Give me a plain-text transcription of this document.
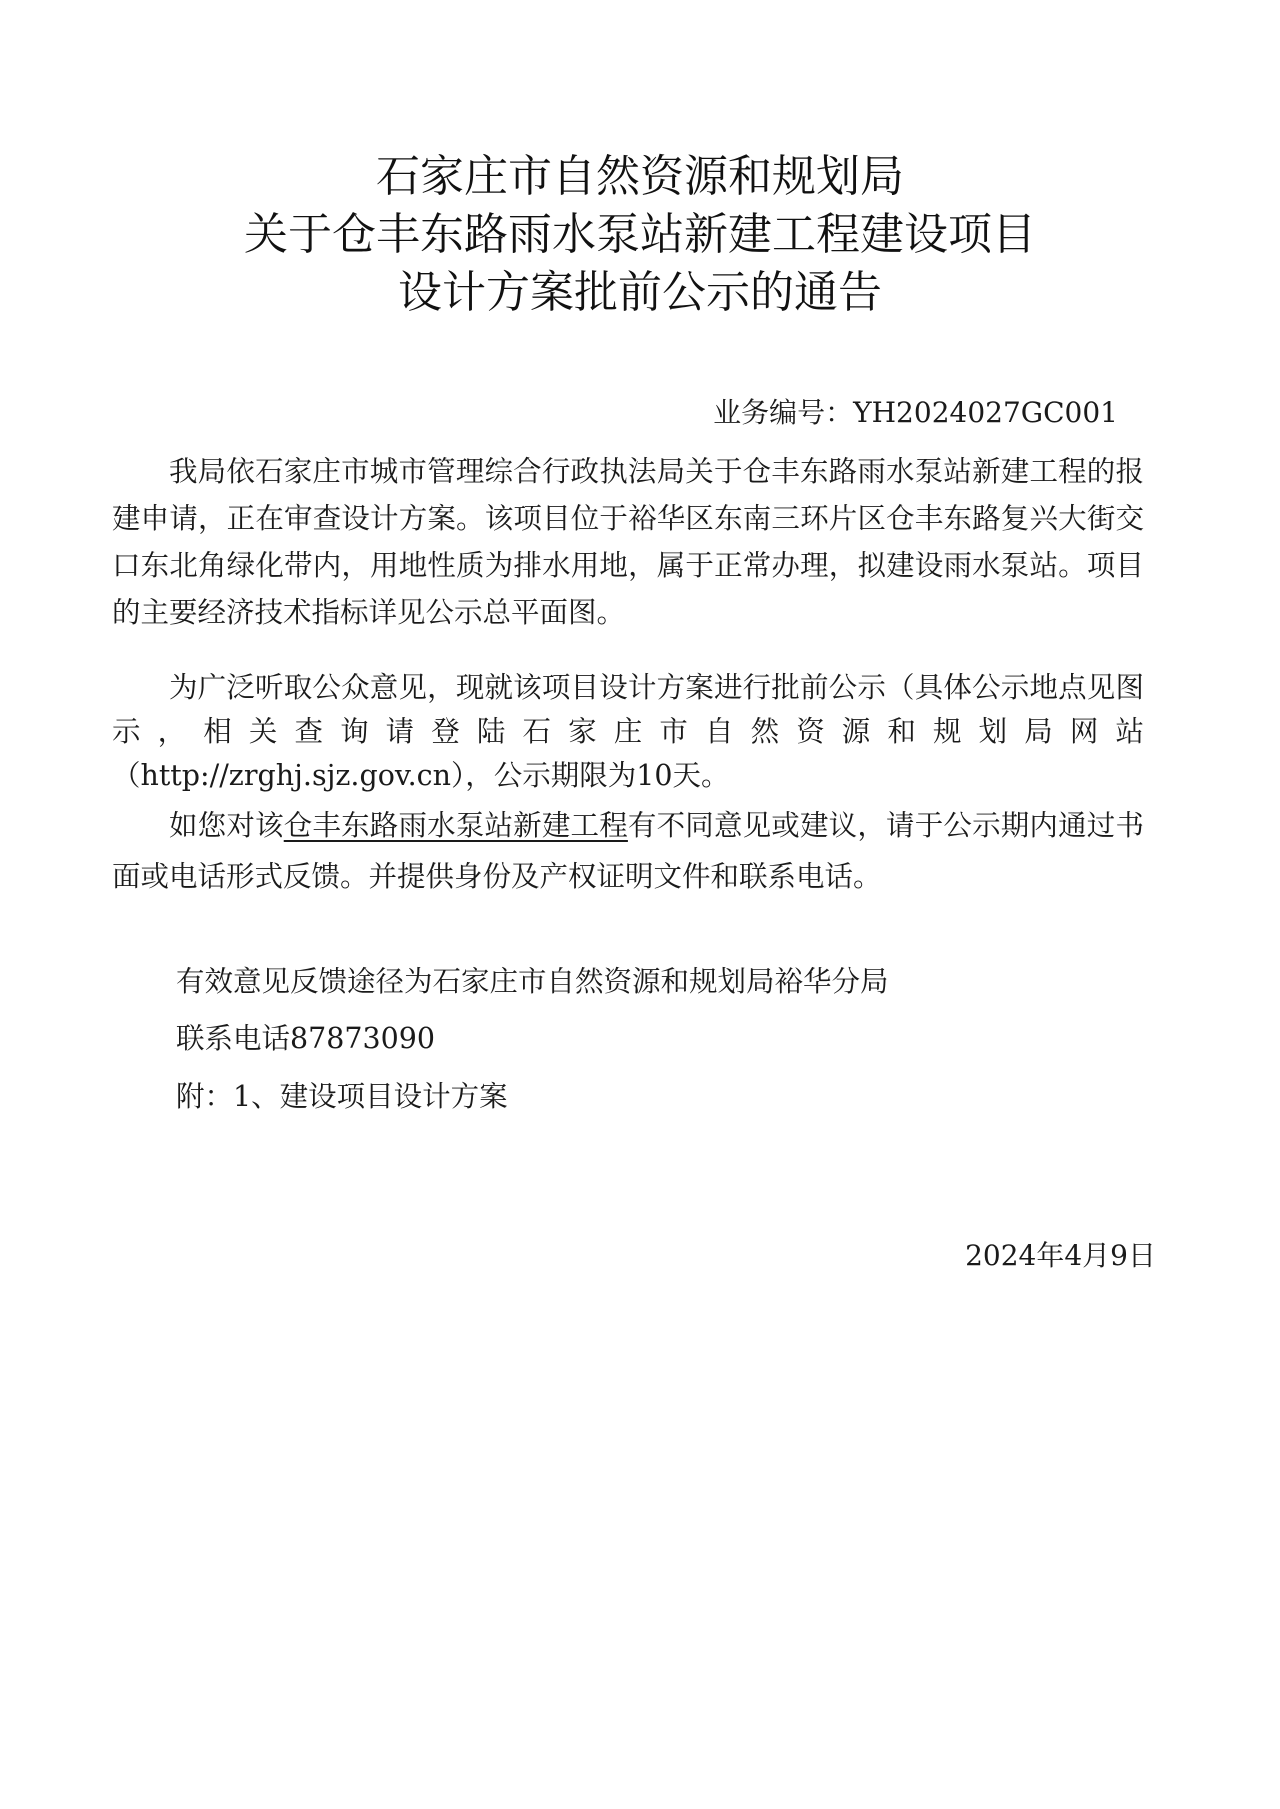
石家庄市自然资源和规划局
关于仓丰东路雨水泵站新建工程建设项目
设计方案批前公示的通告
业务编号：YH2024027GC001

我局依石家庄市城市管理综合行政执法局关于仓丰东路雨水泵站新建工程的报建申请，正在审查设计方案。该项目位于裕华区东南三环片区仓丰东路复兴大街交口东北角绿化带内，用地性质为排水用地，属于正常办理，拟建设雨水泵站。项目的主要经济技术指标详见公示总平面图。

为广泛听取公众意见，现就该项目设计方案进行批前公示（具体公示地点见图示，相关查询请登陆石家庄市自然资源和规划局网站（http://zrghj.sjz.gov.cn），公示期限为10天。

如您对该仓丰东路雨水泵站新建工程有不同意见或建议，请于公示期内通过书面或电话形式反馈。并提供身份及产权证明文件和联系电话。

有效意见反馈途径为石家庄市自然资源和规划局裕华分局
联系电话87873090
附：1、建设项目设计方案
2024年4月9日
